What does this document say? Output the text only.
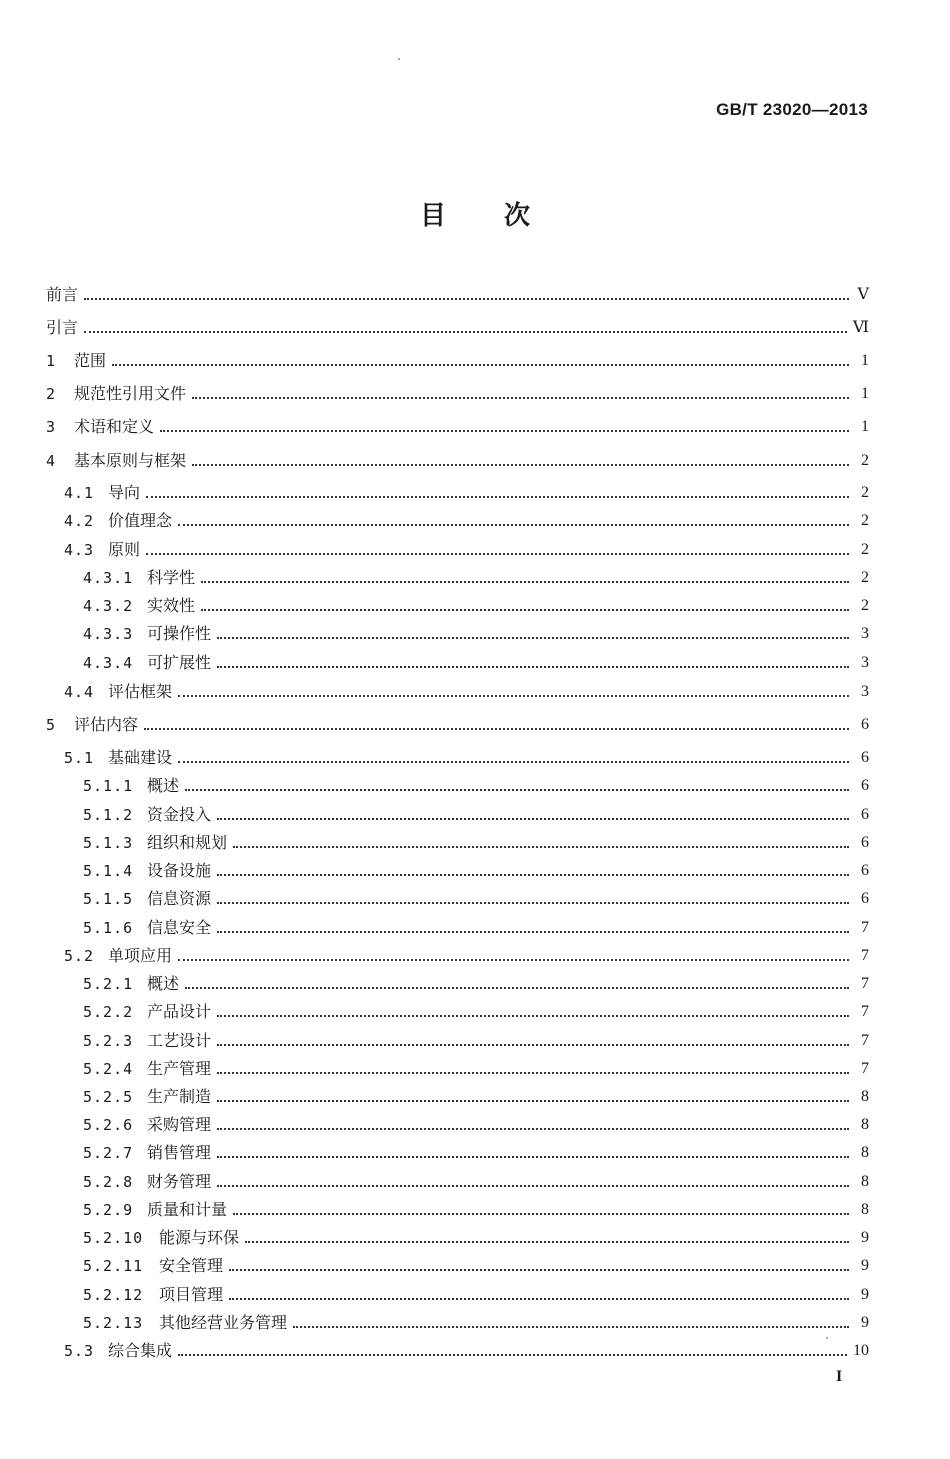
GB/T 23020—2013
目次
前言	Ⅴ
引言	Ⅵ
1	范围	1
2	规范性引用文件	1
3	术语和定义	1
4	基本原则与框架	2
4.1 导向	2
4.2 价值理念	2
4.3 原则	2
4.3.1 科学性	2
4.3.2 实效性	2
4.3.3 可操作性	3
4.3.4 可扩展性	3
4.4 评估框架	3
5	评估内容	6
5.1 基础建设	6
5.1.1 概述	6
5.1.2 资金投入	6
5.1.3 组织和规划	6
5.1.4 设备设施	6
5.1.5 信息资源	6
5.1.6 信息安全	7
5.2 单项应用	7
5.2.1 概述	7
5.2.2 产品设计	7
5.2.3 工艺设计	7
5.2.4 生产管理	7
5.2.5 生产制造	8
5.2.6 采购管理	8
5.2.7 销售管理	8
5.2.8 财务管理	8
5.2.9 质量和计量	8
5.2.10 能源与环保	9
5.2.11 安全管理	9
5.2.12 项目管理	9
5.2.13 其他经营业务管理	9
5.3 综合集成	10
I
